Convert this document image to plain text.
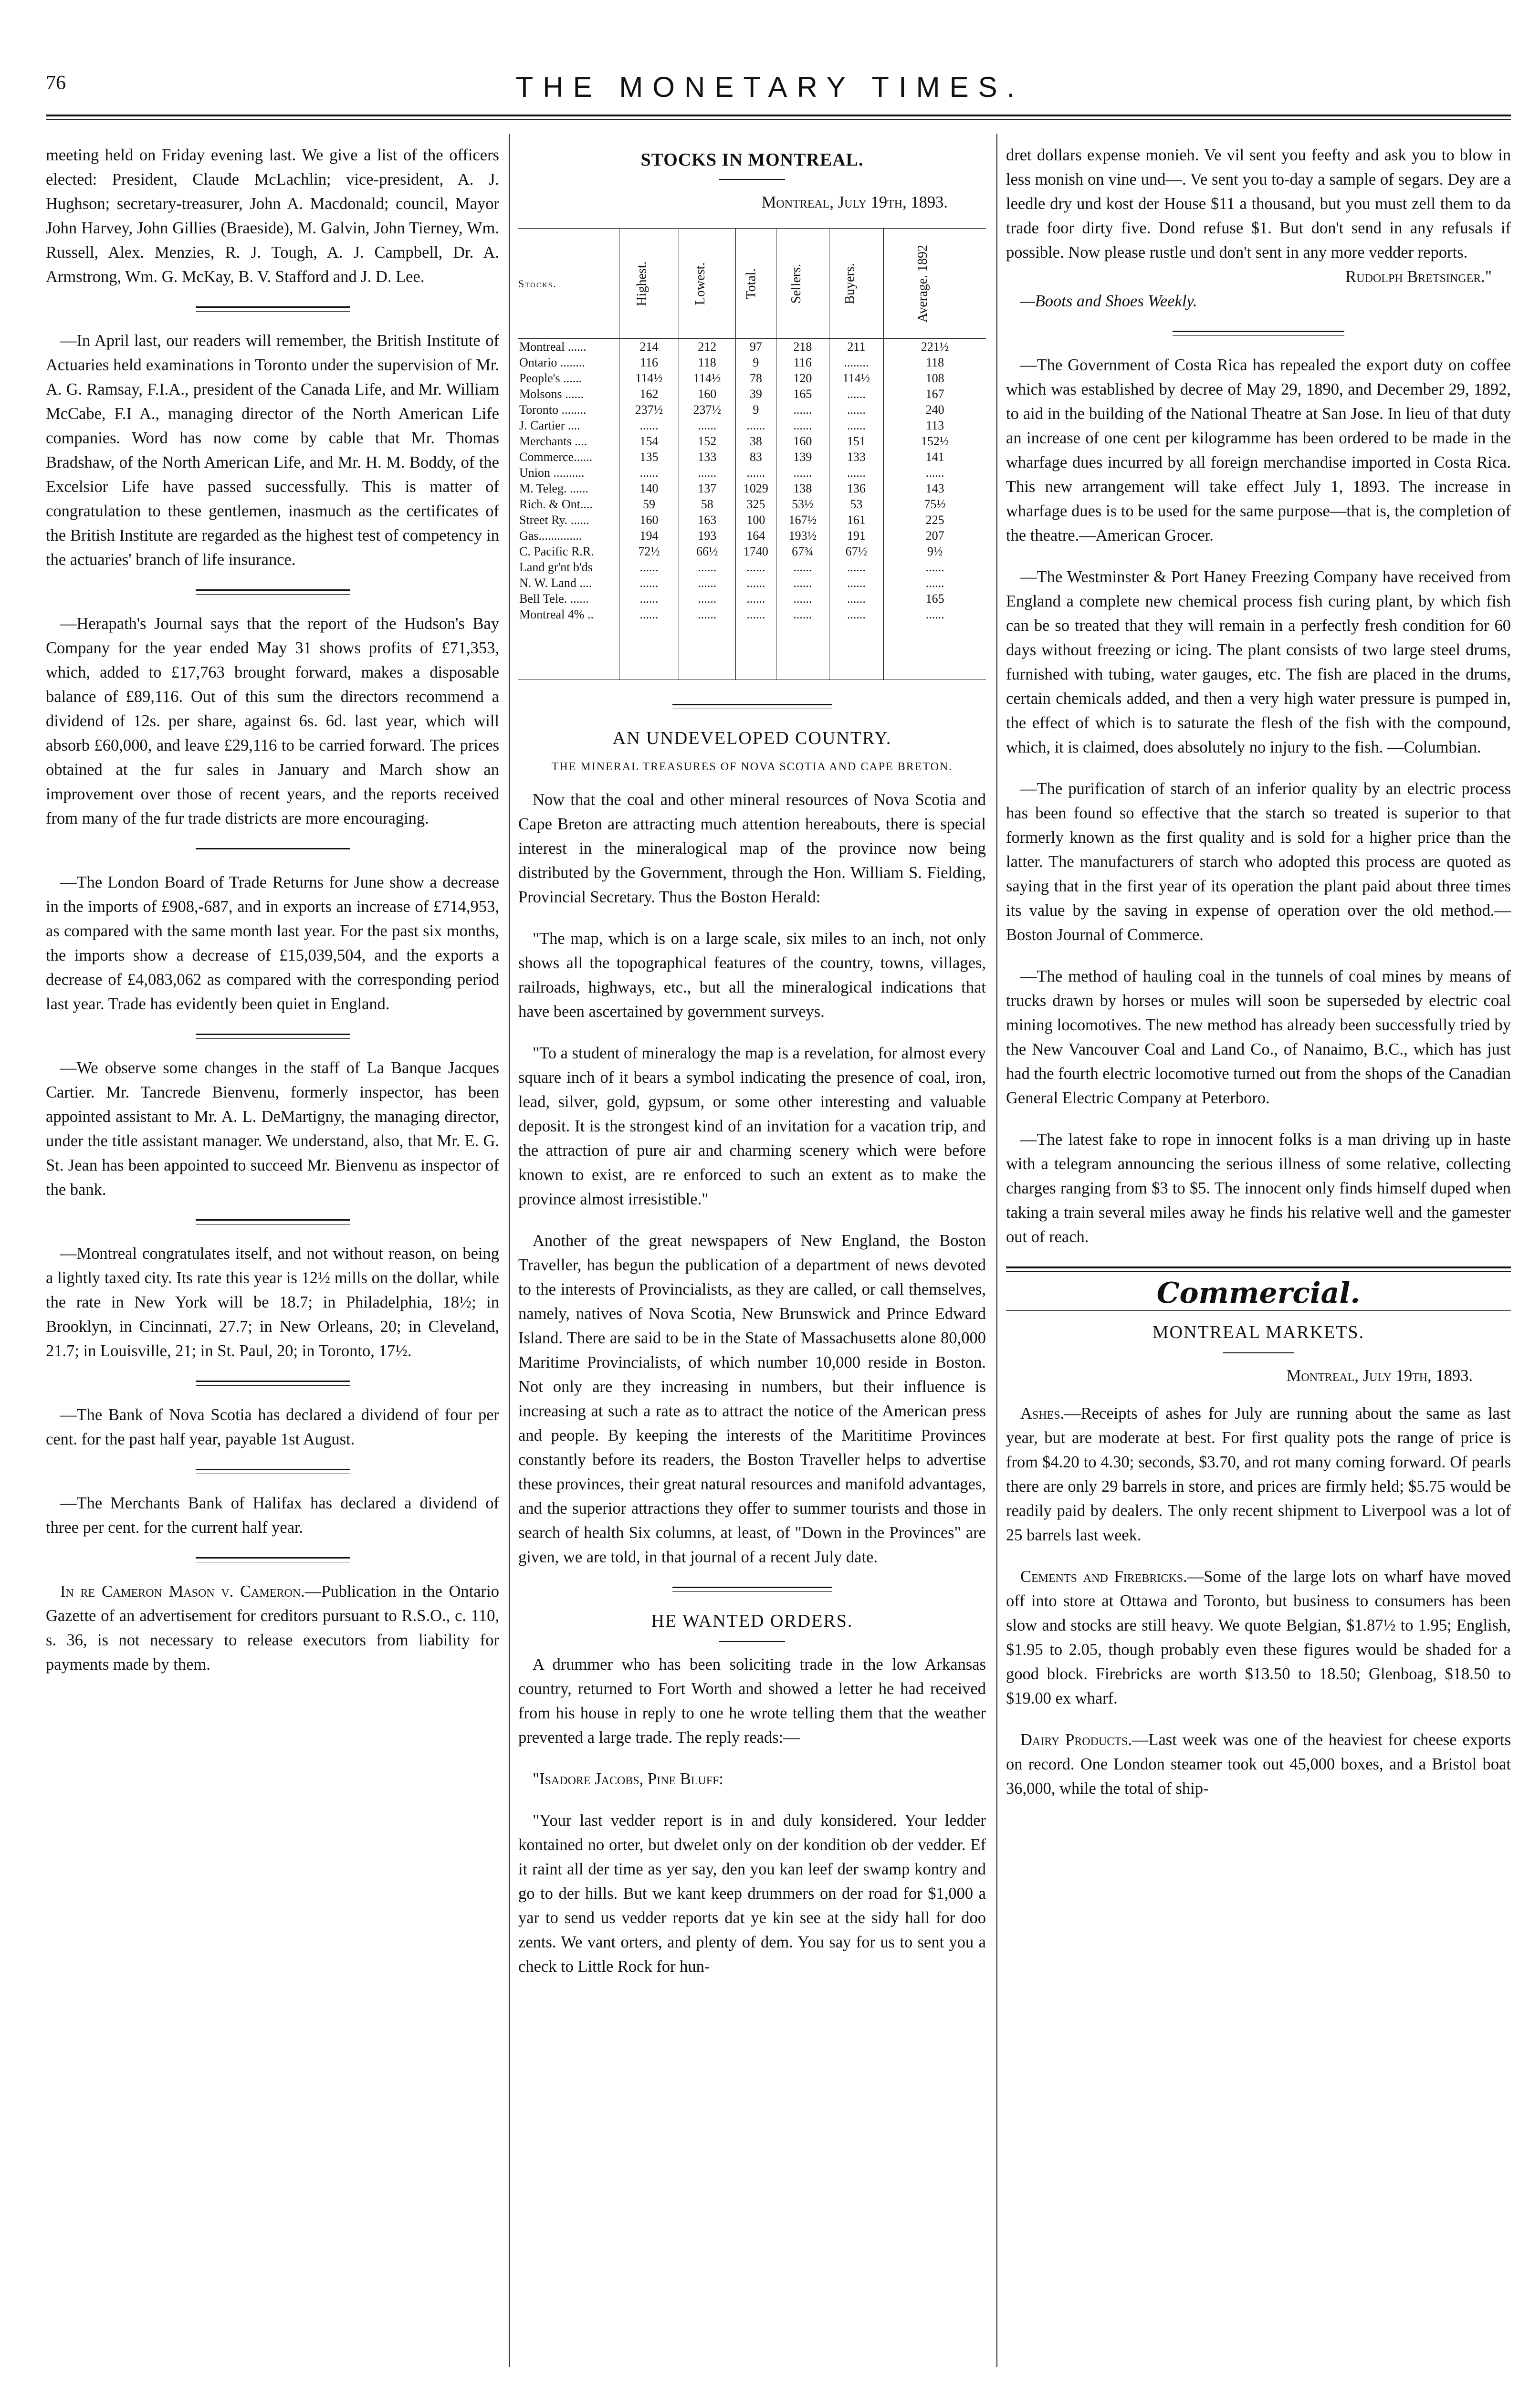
76	THE MONETARY TIMES.

meeting held on Friday evening last. We give a list of the officers elected: President, Claude McLachlin; vice-president, A. J. Hughson; secretary-treasurer, John A. Macdonald; council, Mayor John Harvey, John Gillies (Braeside), M. Galvin, John Tierney, Wm. Russell, Alex. Menzies, R. J. Tough, A. J. Campbell, Dr. A. Armstrong, Wm. G. McKay, B. V. Stafford and J. D. Lee.

—In April last, our readers will remember, the British Institute of Actuaries held examinations in Toronto under the supervision of Mr. A. G. Ramsay, F.I.A., president of the Canada Life, and Mr. William McCabe, F.I A., managing director of the North American Life companies. Word has now come by cable that Mr. Thomas Bradshaw, of the North American Life, and Mr. H. M. Boddy, of the Excelsior Life have passed successfully. This is matter of congratulation to these gentlemen, inasmuch as the certificates of the British Institute are regarded as the highest test of competency in the actuaries' branch of life insurance.

—Herapath's Journal says that the report of the Hudson's Bay Company for the year ended May 31 shows profits of £71,353, which, added to £17,763 brought forward, makes a disposable balance of £89,116. Out of this sum the directors recommend a dividend of 12s. per share, against 6s. 6d. last year, which will absorb £60,000, and leave £29,116 to be carried forward. The prices obtained at the fur sales in January and March show an improvement over those of recent years, and the reports received from many of the fur trade districts are more encouraging.

—The London Board of Trade Returns for June show a decrease in the imports of £908,-687, and in exports an increase of £714,953, as compared with the same month last year. For the past six months, the imports show a decrease of £15,039,504, and the exports a decrease of £4,083,062 as compared with the corresponding period last year. Trade has evidently been quiet in England.

—We observe some changes in the staff of La Banque Jacques Cartier. Mr. Tancrede Bienvenu, formerly inspector, has been appointed assistant to Mr. A. L. DeMartigny, the managing director, under the title assistant manager. We understand, also, that Mr. E. G. St. Jean has been appointed to succeed Mr. Bienvenu as inspector of the bank.

—Montreal congratulates itself, and not without reason, on being a lightly taxed city. Its rate this year is 12½ mills on the dollar, while the rate in New York will be 18.7; in Philadelphia, 18½; in Brooklyn, in Cincinnati, 27.7; in New Orleans, 20; in Cleveland, 21.7; in Louisville, 21; in St. Paul, 20; in Toronto, 17½.

—The Bank of Nova Scotia has declared a dividend of four per cent. for the past half year, payable 1st August.

—The Merchants Bank of Halifax has declared a dividend of three per cent. for the current half year.

In re Cameron Mason v. Cameron.—Publication in the Ontario Gazette of an advertisement for creditors pursuant to R.S.O., c. 110, s. 36, is not necessary to release executors from liability for payments made by them.

STOCKS IN MONTREAL.
Montreal, July 19th, 1893.
Stocks.	Highest.	Lowest.	Total.	Sellers.	Buyers.	Average. 1892
Montreal ......	214	212	97	218	211	221½
Ontario ........	116	118	9	116	........	118
People's ......	114½	114½	78	120	114½	108
Molsons ......	162	160	39	165	......	167
Toronto ........	237½	237½	9	......	......	240
J. Cartier ....	......	......	......	......	......	113
Merchants ....	154	152	38	160	151	152½
Commerce......	135	133	83	139	133	141
Union ..........	......	......	......	......	......	......
M. Teleg. ......	140	137	1029	138	136	143
Rich. & Ont....	59	58	325	53½	53	75½
Street Ry. ......	160	163	100	167½	161	225
Gas..............	194	193	164	193½	191	207
C. Pacific R.R.	72½	66½	1740	67¾	67½	9½
Land gr'nt b'ds	......	......	......	......	......	......
N. W. Land ....	......	......	......	......	......	......
Bell Tele. ......	......	......	......	......	......	165
Montreal 4% ..	......	......	......	......	......	......
AN UNDEVELOPED COUNTRY.
THE MINERAL TREASURES OF NOVA SCOTIA AND CAPE BRETON.

Now that the coal and other mineral resources of Nova Scotia and Cape Breton are attracting much attention hereabouts, there is special interest in the mineralogical map of the province now being distributed by the Government, through the Hon. William S. Fielding, Provincial Secretary. Thus the Boston Herald:

"The map, which is on a large scale, six miles to an inch, not only shows all the topographical features of the country, towns, villages, railroads, highways, etc., but all the mineralogical indications that have been ascertained by government surveys.

"To a student of mineralogy the map is a revelation, for almost every square inch of it bears a symbol indicating the presence of coal, iron, lead, silver, gold, gypsum, or some other interesting and valuable deposit. It is the strongest kind of an invitation for a vacation trip, and the attraction of pure air and charming scenery which were before known to exist, are re enforced to such an extent as to make the province almost irresistible."

Another of the great newspapers of New England, the Boston Traveller, has begun the publication of a department of news devoted to the interests of Provincialists, as they are called, or call themselves, namely, natives of Nova Scotia, New Brunswick and Prince Edward Island. There are said to be in the State of Massachusetts alone 80,000 Maritime Provincialists, of which number 10,000 reside in Boston. Not only are they increasing in numbers, but their influence is increasing at such a rate as to attract the notice of the American press and people. By keeping the interests of the Marititime Provinces constantly before its readers, the Boston Traveller helps to advertise these provinces, their great natural resources and manifold advantages, and the superior attractions they offer to summer tourists and those in search of health Six columns, at least, of "Down in the Provinces" are given, we are told, in that journal of a recent July date.

HE WANTED ORDERS.

A drummer who has been soliciting trade in the low Arkansas country, returned to Fort Worth and showed a letter he had received from his house in reply to one he wrote telling them that the weather prevented a large trade. The reply reads:—

"Isadore Jacobs, Pine Bluff:

"Your last vedder report is in and duly konsidered. Your ledder kontained no orter, but dwelet only on der kondition ob der vedder. Ef it raint all der time as yer say, den you kan leef der swamp kontry and go to der hills. But we kant keep drummers on der road for $1,000 a yar to send us vedder reports dat ye kin see at the sidy hall for doo zents. We vant orters, and plenty of dem. You say for us to sent you a check to Little Rock for hun-

dret dollars expense monieh. Ve vil sent you feefty and ask you to blow in less monish on vine und—. Ve sent you to-day a sample of segars. Dey are a leedle dry und kost der House $11 a thousand, but you must zell them to da trade foor dirty five. Dond refuse $1. But don't send in any refusals if possible. Now please rustle und don't sent in any more vedder reports.

Rudolph Bretsinger."

—Boots and Shoes Weekly.

—The Government of Costa Rica has repealed the export duty on coffee which was established by decree of May 29, 1890, and December 29, 1892, to aid in the building of the National Theatre at San Jose. In lieu of that duty an increase of one cent per kilogramme has been ordered to be made in the wharfage dues incurred by all foreign merchandise imported in Costa Rica. This new arrangement will take effect July 1, 1893. The increase in wharfage dues is to be used for the same purpose—that is, the completion of the theatre.—American Grocer.

—The Westminster & Port Haney Freezing Company have received from England a complete new chemical process fish curing plant, by which fish can be so treated that they will remain in a perfectly fresh condition for 60 days without freezing or icing. The plant consists of two large steel drums, furnished with tubing, water gauges, etc. The fish are placed in the drums, certain chemicals added, and then a very high water pressure is pumped in, the effect of which is to saturate the flesh of the fish with the compound, which, it is claimed, does absolutely no injury to the fish. —Columbian.

—The purification of starch of an inferior quality by an electric process has been found so effective that the starch so treated is superior to that formerly known as the first quality and is sold for a higher price than the latter. The manufacturers of starch who adopted this process are quoted as saying that in the first year of its operation the plant paid about three times its value by the saving in expense of operation over the old method.— Boston Journal of Commerce.

—The method of hauling coal in the tunnels of coal mines by means of trucks drawn by horses or mules will soon be superseded by electric coal mining locomotives. The new method has already been successfully tried by the New Vancouver Coal and Land Co., of Nanaimo, B.C., which has just had the fourth electric locomotive turned out from the shops of the Canadian General Electric Company at Peterboro.

—The latest fake to rope in innocent folks is a man driving up in haste with a telegram announcing the serious illness of some relative, collecting charges ranging from $3 to $5. The innocent only finds himself duped when taking a train several miles away he finds his relative well and the gamester out of reach.

Commercial.
MONTREAL MARKETS.
Montreal, July 19th, 1893.

Ashes.—Receipts of ashes for July are running about the same as last year, but are moderate at best. For first quality pots the range of price is from $4.20 to 4.30; seconds, $3.70, and rot many coming forward. Of pearls there are only 29 barrels in store, and prices are firmly held; $5.75 would be readily paid by dealers. The only recent shipment to Liverpool was a lot of 25 barrels last week.

Cements and Firebricks.—Some of the large lots on wharf have moved off into store at Ottawa and Toronto, but business to consumers has been slow and stocks are still heavy. We quote Belgian, $1.87½ to 1.95; English, $1.95 to 2.05, though probably even these figures would be shaded for a good block. Firebricks are worth $13.50 to 18.50; Glenboag, $18.50 to $19.00 ex wharf.

Dairy Products.—Last week was one of the heaviest for cheese exports on record. One London steamer took out 45,000 boxes, and a Bristol boat 36,000, while the total of ship-
